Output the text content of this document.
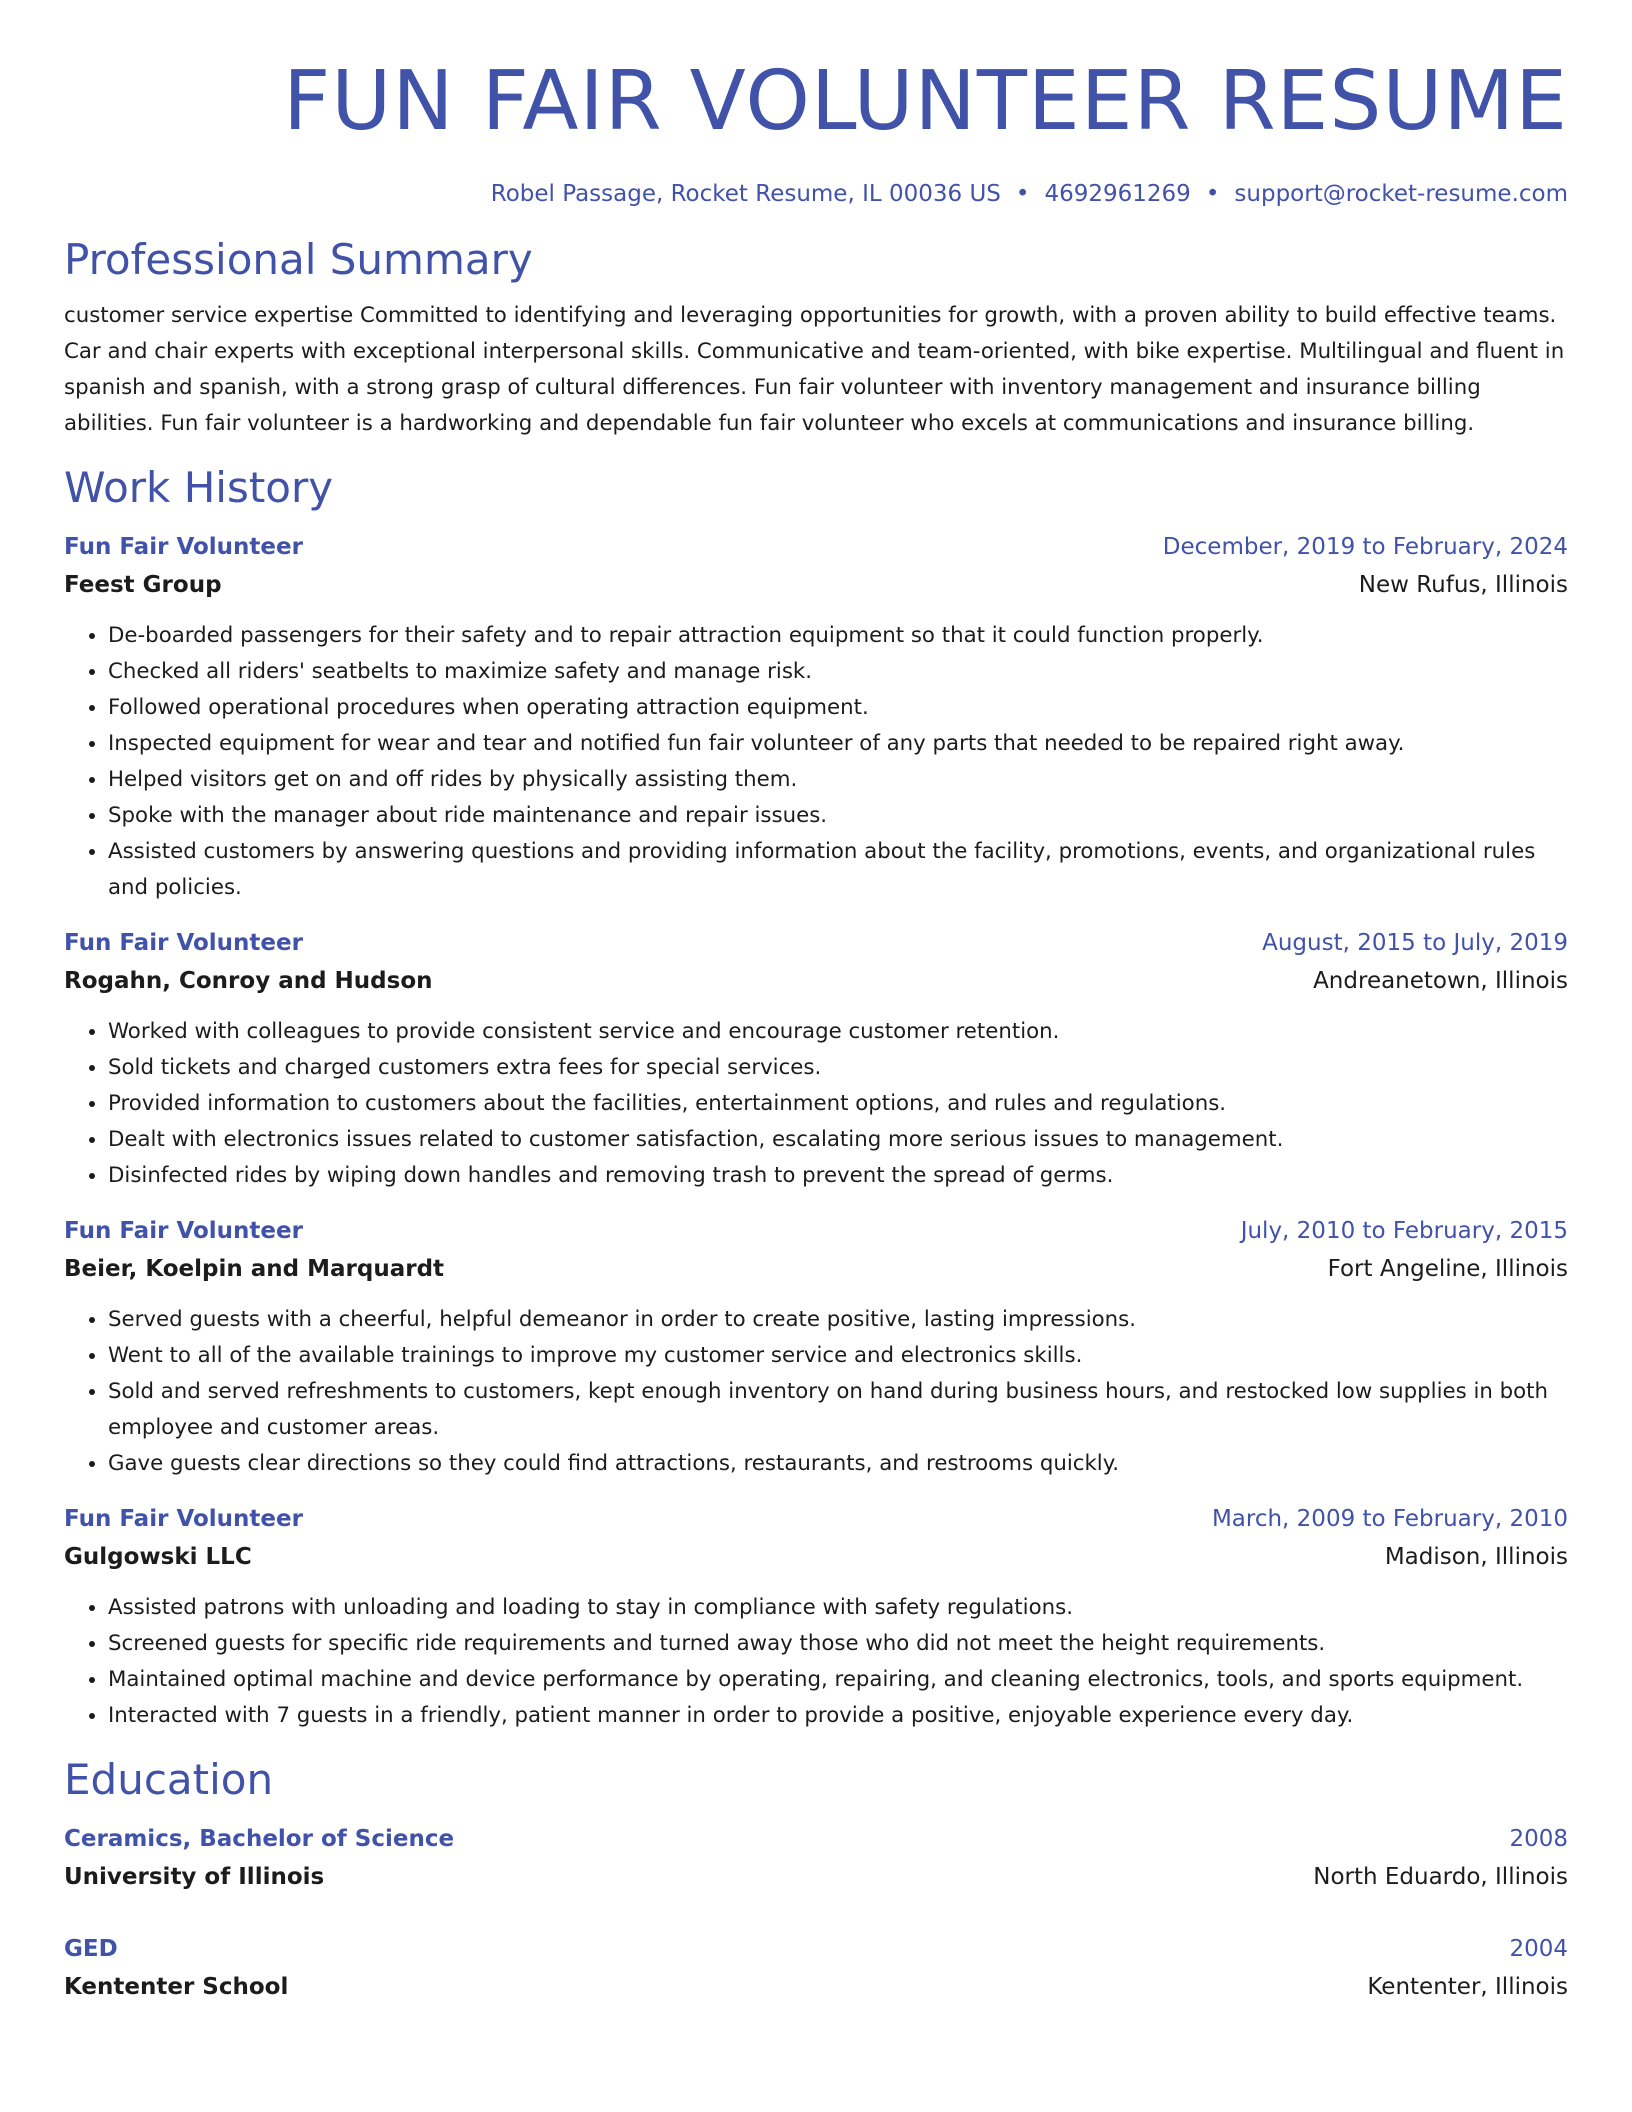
FUN FAIR VOLUNTEER RESUME
Robel Passage, Rocket Resume, IL 00036 US • 4692961269 • support@rocket-resume.com
Professional Summary
customer service expertise Committed to identifying and leveraging opportunities for growth, with a proven ability to build effective teams. Car and chair experts with exceptional interpersonal skills. Communicative and team-oriented, with bike expertise. Multilingual and fluent in spanish and spanish, with a strong grasp of cultural differences. Fun fair volunteer with inventory management and insurance billing abilities. Fun fair volunteer is a hardworking and dependable fun fair volunteer who excels at communications and insurance billing.
Work History
Fun Fair Volunteer	December, 2019 to February, 2024
Feest Group	New Rufus, Illinois
• De-boarded passengers for their safety and to repair attraction equipment so that it could function properly.
• Checked all riders' seatbelts to maximize safety and manage risk.
• Followed operational procedures when operating attraction equipment.
• Inspected equipment for wear and tear and notified fun fair volunteer of any parts that needed to be repaired right away.
• Helped visitors get on and off rides by physically assisting them.
• Spoke with the manager about ride maintenance and repair issues.
• Assisted customers by answering questions and providing information about the facility, promotions, events, and organizational rules and policies.
Fun Fair Volunteer	August, 2015 to July, 2019
Rogahn, Conroy and Hudson	Andreanetown, Illinois
• Worked with colleagues to provide consistent service and encourage customer retention.
• Sold tickets and charged customers extra fees for special services.
• Provided information to customers about the facilities, entertainment options, and rules and regulations.
• Dealt with electronics issues related to customer satisfaction, escalating more serious issues to management.
• Disinfected rides by wiping down handles and removing trash to prevent the spread of germs.
Fun Fair Volunteer	July, 2010 to February, 2015
Beier, Koelpin and Marquardt	Fort Angeline, Illinois
• Served guests with a cheerful, helpful demeanor in order to create positive, lasting impressions.
• Went to all of the available trainings to improve my customer service and electronics skills.
• Sold and served refreshments to customers, kept enough inventory on hand during business hours, and restocked low supplies in both employee and customer areas.
• Gave guests clear directions so they could find attractions, restaurants, and restrooms quickly.
Fun Fair Volunteer	March, 2009 to February, 2010
Gulgowski LLC	Madison, Illinois
• Assisted patrons with unloading and loading to stay in compliance with safety regulations.
• Screened guests for specific ride requirements and turned away those who did not meet the height requirements.
• Maintained optimal machine and device performance by operating, repairing, and cleaning electronics, tools, and sports equipment.
• Interacted with 7 guests in a friendly, patient manner in order to provide a positive, enjoyable experience every day.
Education
Ceramics, Bachelor of Science	2008
University of Illinois	North Eduardo, Illinois
GED	2004
Kententer School	Kententer, Illinois
